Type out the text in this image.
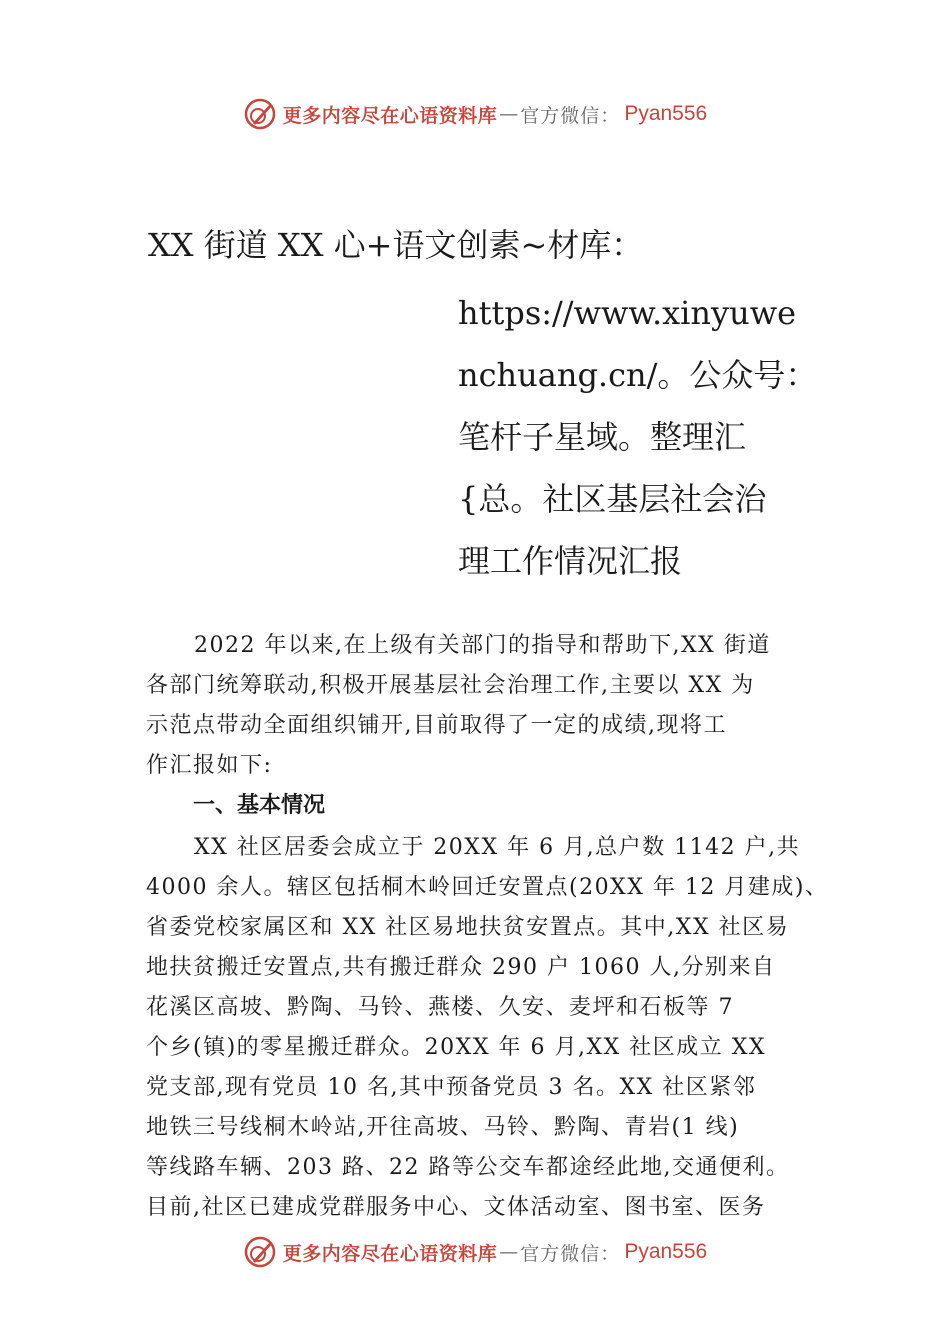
更多内容尽在心语资料库 — 官方微信： Pyan556
XX 街道 XX 心+语文创素~材库：
https://www.xinyuwe
nchuang.cn/。公众号：
笔杆子星域。整理汇
{总。社区基层社会治
理工作情况汇报
2022 年以来,在上级有关部门的指导和帮助下,XX 街道
各部门统筹联动,积极开展基层社会治理工作,主要以 XX 为
示范点带动全面组织铺开,目前取得了一定的成绩,现将工
作汇报如下:
一、基本情况
XX 社区居委会成立于 20XX 年 6 月,总户数 1142 户,共
4000 余人。辖区包括桐木岭回迁安置点(20XX 年 12 月建成)、
省委党校家属区和 XX 社区易地扶贫安置点。其中,XX 社区易
地扶贫搬迁安置点,共有搬迁群众 290 户 1060 人,分别来自
花溪区高坡、黔陶、马铃、燕楼、久安、麦坪和石板等 7
个乡(镇)的零星搬迁群众。20XX 年 6 月,XX 社区成立 XX
党支部,现有党员 10 名,其中预备党员 3 名。XX 社区紧邻
地铁三号线桐木岭站,开往高坡、马铃、黔陶、青岩(1 线)
等线路车辆、203 路、22 路等公交车都途经此地,交通便利。
目前,社区已建成党群服务中心、文体活动室、图书室、医务
更多内容尽在心语资料库 — 官方微信： Pyan556
